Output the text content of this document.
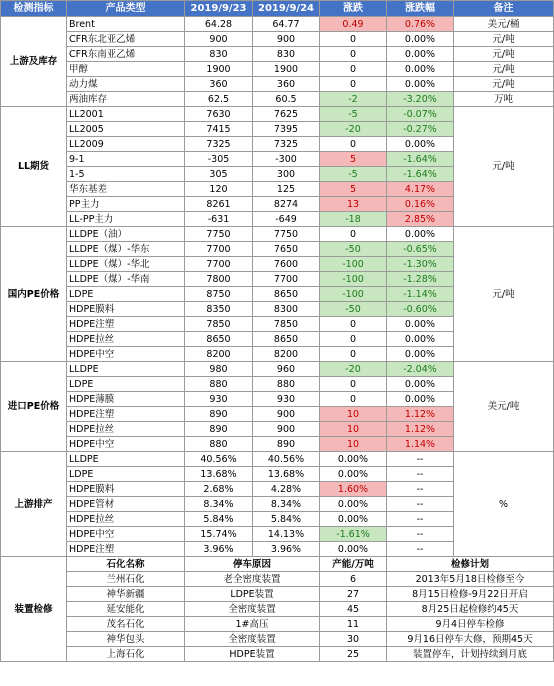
检测指标	产品类型	2019/9/23	2019/9/24	涨跌	涨跌幅	备注
上游及库存	Brent	64.28	64.77	0.49	0.76%	美元/桶
	CFR东北亚乙烯	900	900	0	0.00%	元/吨
	CFR东南亚乙烯	830	830	0	0.00%	元/吨
	甲醇	1900	1900	0	0.00%	元/吨
	动力煤	360	360	0	0.00%	元/吨
	两油库存	62.5	60.5	-2	-3.20%	万吨
LL期货	LL2001	7630	7625	-5	-0.07%	元/吨
	LL2005	7415	7395	-20	-0.27%	
	LL2009	7325	7325	0	0.00%	
	9-1	-305	-300	5	-1.64%	
	1-5	305	300	-5	-1.64%	
	华东基差	120	125	5	4.17%	
	PP主力	8261	8274	13	0.16%	
	LL-PP主力	-631	-649	-18	2.85%	
国内PE价格	LLDPE（油）	7750	7750	0	0.00%	元/吨
	LLDPE（煤）-华东	7700	7650	-50	-0.65%	
	LLDPE（煤）-华北	7700	7600	-100	-1.30%	
	LLDPE（煤）-华南	7800	7700	-100	-1.28%	
	LDPE	8750	8650	-100	-1.14%	
	HDPE膜料	8350	8300	-50	-0.60%	
	HDPE注塑	7850	7850	0	0.00%	
	HDPE拉丝	8650	8650	0	0.00%	
	HDPE中空	8200	8200	0	0.00%	
进口PE价格	LLDPE	980	960	-20	-2.04%	美元/吨
	LDPE	880	880	0	0.00%	
	HDPE薄膜	930	930	0	0.00%	
	HDPE注塑	890	900	10	1.12%	
	HDPE拉丝	890	900	10	1.12%	
	HDPE中空	880	890	10	1.14%	
上游排产	LLDPE	40.56%	40.56%	0.00%	--	%
	LDPE	13.68%	13.68%	0.00%	--	
	HDPE膜料	2.68%	4.28%	1.60%	--	
	HDPE管材	8.34%	8.34%	0.00%	--	
	HDPE拉丝	5.84%	5.84%	0.00%	--	
	HDPE中空	15.74%	14.13%	-1.61%	--	
	HDPE注塑	3.96%	3.96%	0.00%	--	
装置检修	石化名称	停车原因		产能/万吨	检修计划	
	兰州石化	老全密度装置		6	2013年5月18日检修至今	
	神华新疆	LDPE装置		27	8月15日检修-9月22日开启	
	延安能化	全密度装置		45	8月25日起检修约45天	
	茂名石化	1#高压		11	9月4日停车检修	
	神华包头	全密度装置		30	9月16日停车大修，预期45天	
	上海石化	HDPE装置		25	装置停车，计划持续到月底	
